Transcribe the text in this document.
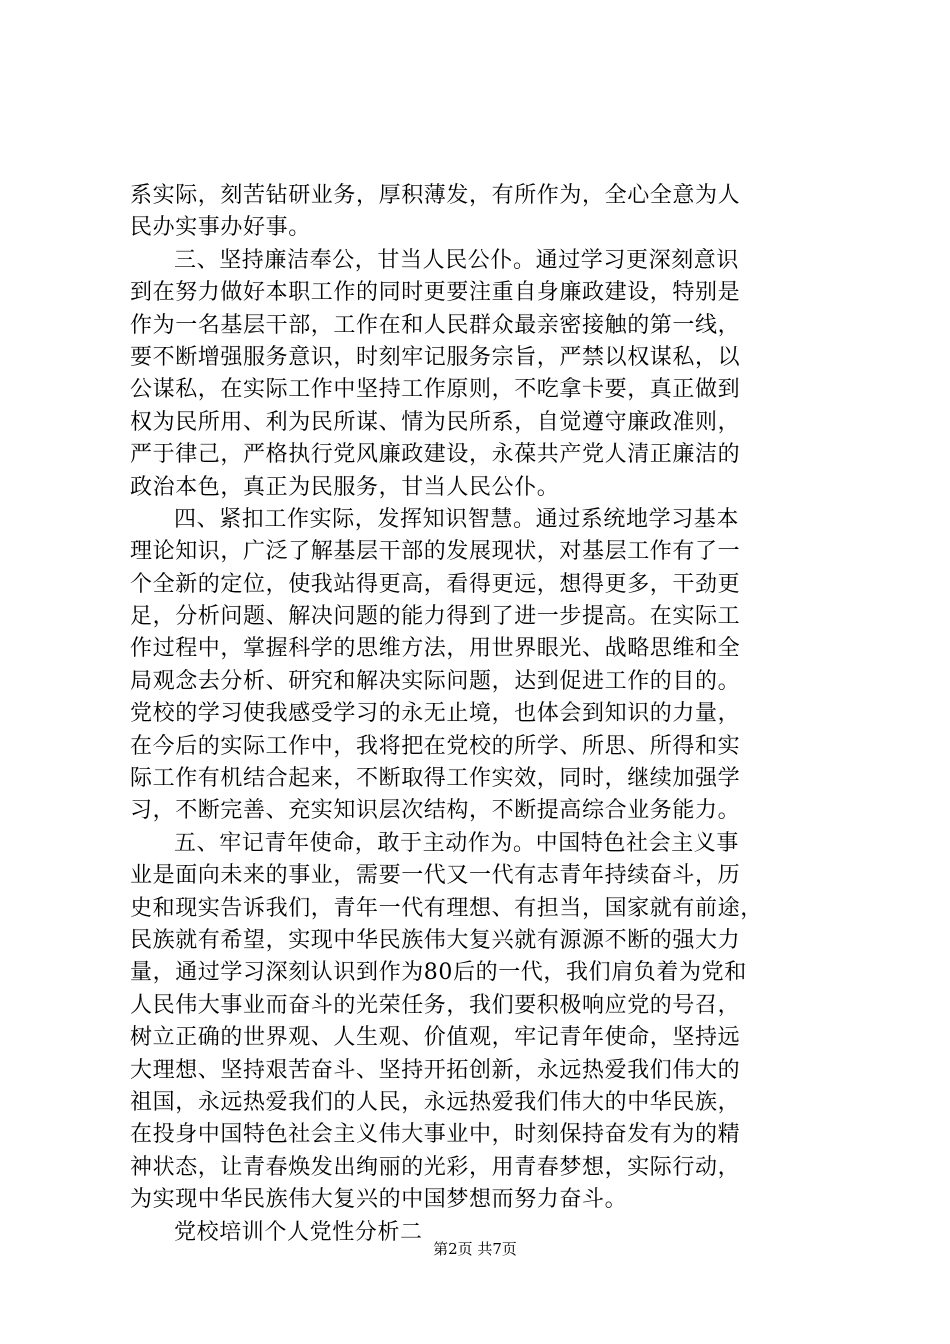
系实际，刻苦钻研业务，厚积薄发，有所作为，全心全意为人
民办实事办好事。
三、坚持廉洁奉公，甘当人民公仆。通过学习更深刻意识
到在努力做好本职工作的同时更要注重自身廉政建设，特别是
作为一名基层干部，工作在和人民群众最亲密接触的第一线，
要不断增强服务意识，时刻牢记服务宗旨，严禁以权谋私，以
公谋私，在实际工作中坚持工作原则，不吃拿卡要，真正做到
权为民所用、利为民所谋、情为民所系，自觉遵守廉政准则，
严于律己，严格执行党风廉政建设，永葆共产党人清正廉洁的
政治本色，真正为民服务，甘当人民公仆。
四、紧扣工作实际，发挥知识智慧。通过系统地学习基本
理论知识，广泛了解基层干部的发展现状，对基层工作有了一
个全新的定位，使我站得更高，看得更远，想得更多，干劲更
足，分析问题、解决问题的能力得到了进一步提高。在实际工
作过程中，掌握科学的思维方法，用世界眼光、战略思维和全
局观念去分析、研究和解决实际问题，达到促进工作的目的。
党校的学习使我感受学习的永无止境，也体会到知识的力量，
在今后的实际工作中，我将把在党校的所学、所思、所得和实
际工作有机结合起来，不断取得工作实效，同时，继续加强学
习，不断完善、充实知识层次结构，不断提高综合业务能力。
五、牢记青年使命，敢于主动作为。中国特色社会主义事
业是面向未来的事业，需要一代又一代有志青年持续奋斗，历
史和现实告诉我们，青年一代有理想、有担当，国家就有前途，
民族就有希望，实现中华民族伟大复兴就有源源不断的强大力
量，通过学习深刻认识到作为80后的一代，我们肩负着为党和
人民伟大事业而奋斗的光荣任务，我们要积极响应党的号召，
树立正确的世界观、人生观、价值观，牢记青年使命，坚持远
大理想、坚持艰苦奋斗、坚持开拓创新，永远热爱我们伟大的
祖国，永远热爱我们的人民，永远热爱我们伟大的中华民族，
在投身中国特色社会主义伟大事业中，时刻保持奋发有为的精
神状态，让青春焕发出绚丽的光彩，用青春梦想，实际行动，
为实现中华民族伟大复兴的中国梦想而努力奋斗。
党校培训个人党性分析二
第2页 共7页
